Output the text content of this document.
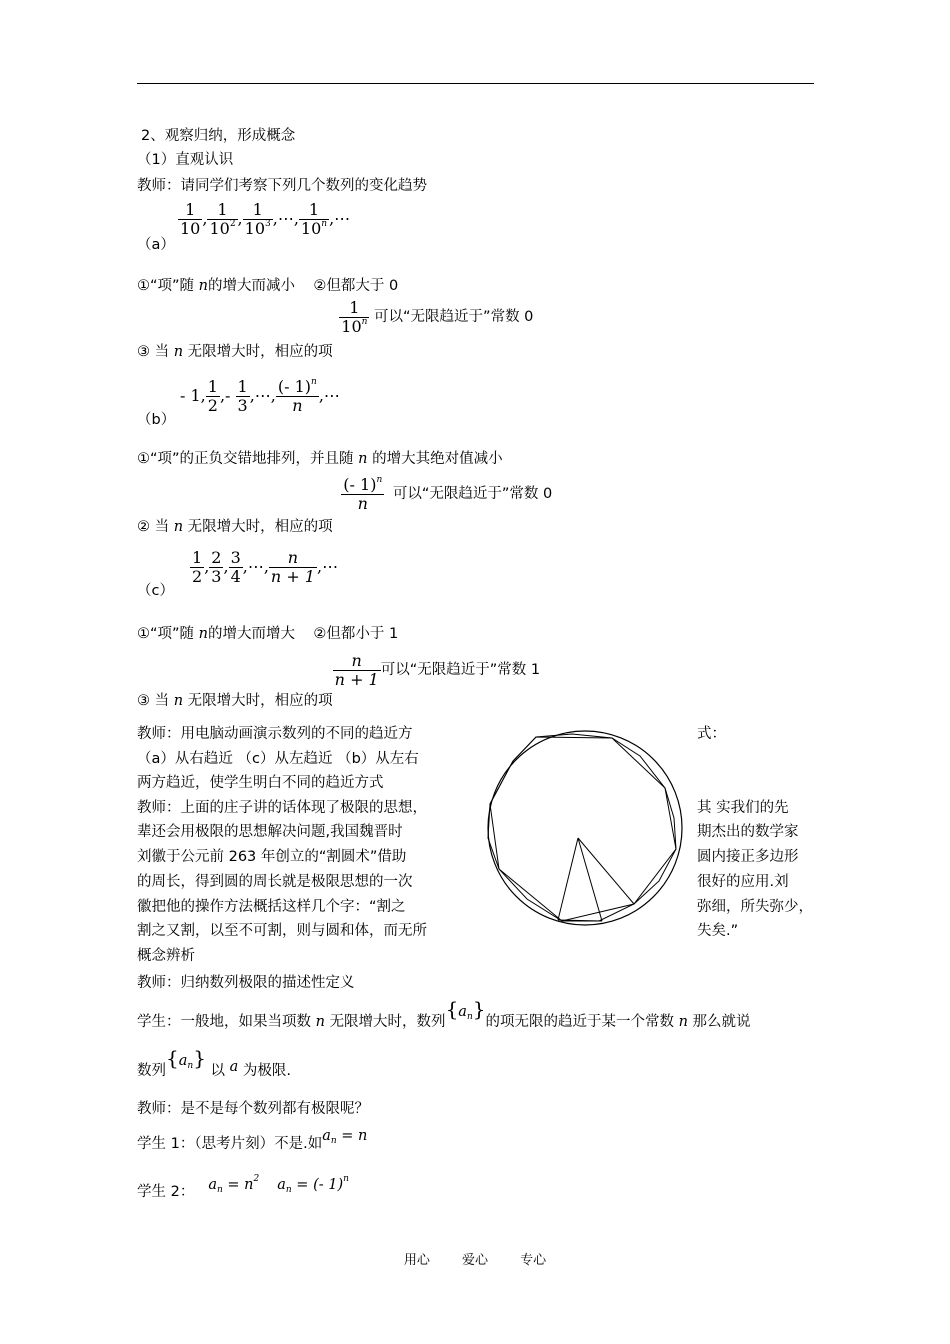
2、观察归纳，形成概念
（1）直观认识
教师：请同学们考察下列几个数列的变化趋势
（a）
$\frac{1}{10}$ , $\frac{1}{10^2}$ , $\frac{1}{10^3}$ ,⋯, $\frac{1}{10^n}$ ,⋯
①“项”随 n的增大而减小 ②但都大于 0
③ 当 n 无限增大时，相应的项
$\frac{1}{10^n}$ 可以“无限趋近于”常数 0
（b）
- 1, $\frac{1}{2}$ ,- $\frac{1}{3}$ ,⋯, $\frac{(- 1)^n}{n}$ ,⋯
①“项”的正负交错地排列，并且随 n 的增大其绝对值减小
② 当 n 无限增大时，相应的项
$\frac{(- 1)^n}{n}$ 可以“无限趋近于”常数 0
（c）
$\frac{1}{2}$ , $\frac{2}{3}$ , $\frac{3}{4}$ ,⋯, $\frac{n}{n + 1}$ ,⋯
①“项”随 n的增大而增大 ②但都小于 1
③ 当 n 无限增大时，相应的项
$\frac{n}{n + 1}$ 可以“无限趋近于”常数 1
教师：用电脑动画演示数列的不同的趋近方	式：
（a）从右趋近 （c）从左趋近 （b）从左右
两方趋近，使学生明白不同的趋近方式
教师：上面的庄子讲的话体现了极限的思想，
辈还会用极限的思想解决问题,我国魏晋时
刘徽于公元前 263 年创立的“割圆术”借助
的周长，得到圆的周长就是极限思想的一次
徽把他的操作方法概括这样几个字：“割之
割之又割，以至不可割，则与圆和体，而无所
概念辨析
其 实我们的先
期杰出的数学家
圆内接正多边形
很好的应用.刘
弥细，所失弥少，
失矣.”
教师：归纳数列极限的描述性定义
学生：一般地，如果当项数 n 无限增大时，数列$\{a_n\}$的项无限的趋近于某一个常数 n 那么就说
数列$\{a_n\}$ 以 a 为极限.
教师：是不是每个数列都有极限呢？
学生 1：（思考片刻）不是.如$a_n = n$
学生 2： $a_n = n^2$ $a_n$ = (- 1)$^n$
用心 爱心 专心
